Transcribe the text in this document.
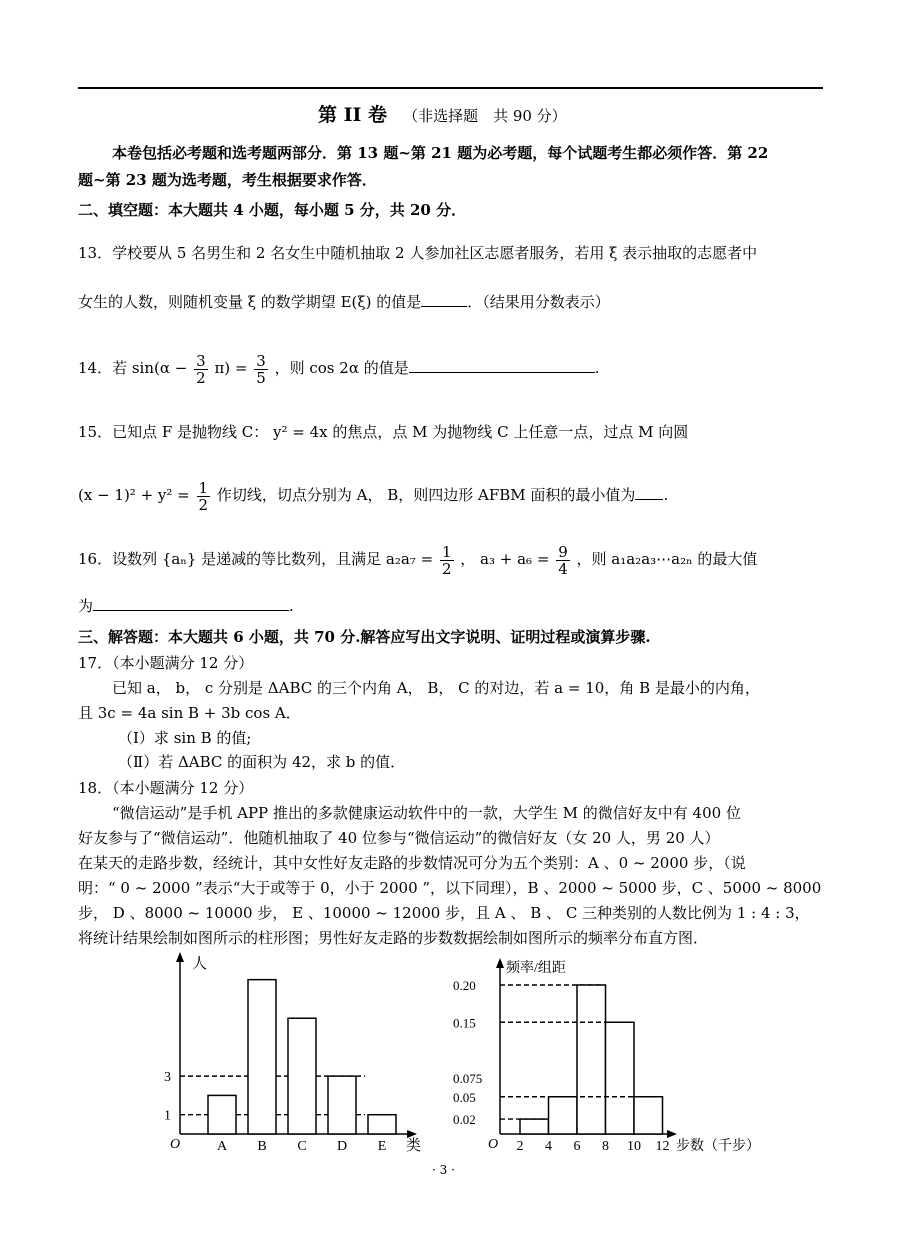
第 II 卷 （非选择题　共 90 分）
本卷包括必考题和选考题两部分．第 13 题~第 21 题为必考题，每个试题考生都必须作答．第 22
题~第 23 题为选考题，考生根据要求作答．
二、填空题：本大题共 4 小题，每小题 5 分，共 20 分．
13．学校要从 5 名男生和 2 名女生中随机抽取 2 人参加社区志愿者服务，若用 ξ 表示抽取的志愿者中
女生的人数，则随机变量 ξ 的数学期望 E(ξ) 的值是	．（结果用分数表示）
14．若 $\sin(\alpha - \frac{3}{2} \pi) = \frac{3}{5}$ ，则 cos 2α 的值是	.
15．已知点 F 是抛物线 C： y² = 4x 的焦点，点 M 为抛物线 C 上任意一点，过点 M 向圆
$(x - 1)^2 + y^2 = \frac{1}{2}$ 作切线，切点分别为 A， B，则四边形 AFBM 面积的最小值为 .
16．设数列 {aₙ} 是递减的等比数列，且满足 $a_2a_7 = \frac{1}{2}$ ， $a_3 + a_6 = \frac{9}{4}$ ，则 a₁a₂a₃⋯a₂ₙ 的最大值
为	.
三、解答题：本大题共 6 小题，共 70 分.解答应写出文字说明、证明过程或演算步骤.
17．（本小题满分 12 分）
已知 a， b， c 分别是 ΔABC 的三个内角 A， B， C 的对边，若 a = 10，角 B 是最小的内角，
且 3c = 4a sin B + 3b cos A．
（Ⅰ）求 sin B 的值;
（Ⅱ）若 ΔABC 的面积为 42，求 b 的值．
18．（本小题满分 12 分）
“微信运动”是手机 APP 推出的多款健康运动软件中的一款，大学生 M 的微信好友中有 400 位
好友参与了“微信运动”．他随机抽取了 40 位参与“微信运动”的微信好友（女 20 人，男 20 人）
在某天的走路步数，经统计，其中女性好友走路的步数情况可分为五个类别：A 、0 ~ 2000 步，（说
明：“ 0 ~ 2000 ”表示“大于或等于 0，小于 2000 ”，以下同理），B 、2000 ~ 5000 步，C 、5000 ~ 8000
步， D 、8000 ~ 10000 步， E 、10000 ~ 12000 步，且 A 、 B 、 C 三种类别的人数比例为 1 : 4 : 3，
将统计结果绘制如图所示的柱形图；男性好友走路的步数数据绘制如图所示的频率分布直方图．
人
类
O
1
3
A B C D E
频率/组距
步数（千步）
O
0.20
0.15
0.075
0.05
0.02
2 4 6 8 10 12
· 3 ·
